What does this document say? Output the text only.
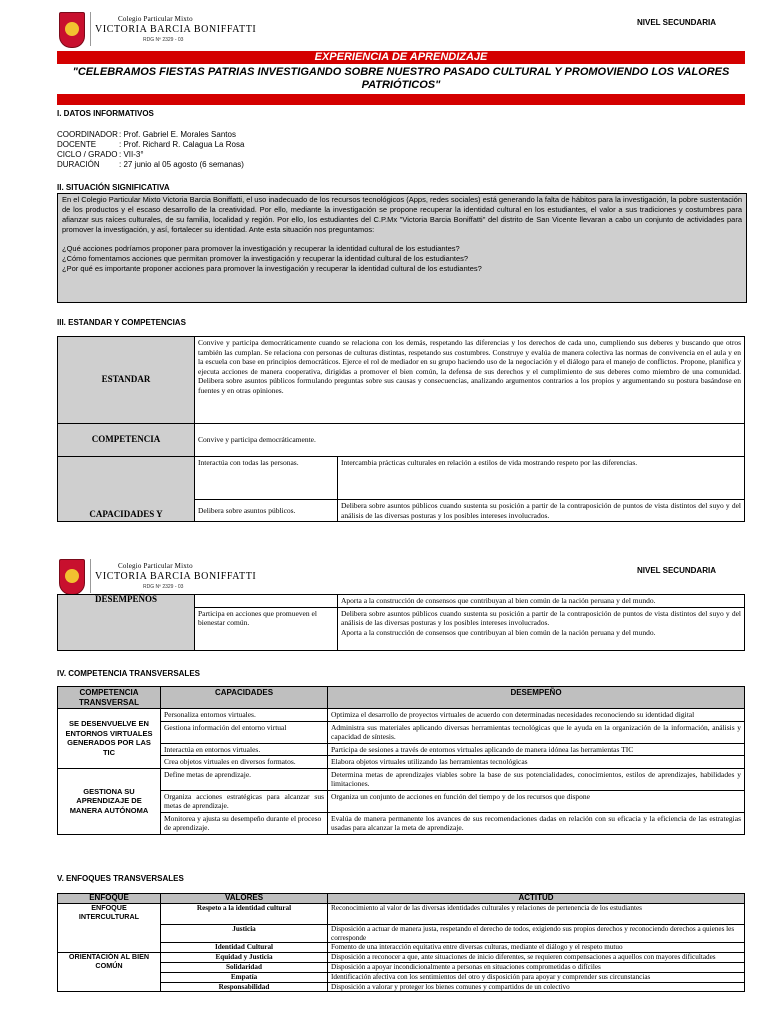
Colegio Particular Mixto
VICTORIA BARCIA BONIFFATTI
RDG Nº 2329 - 03
NIVEL SECUNDARIA
EXPERIENCIA DE APRENDIZAJE
"CELEBRAMOS FIESTAS PATRIAS INVESTIGANDO SOBRE NUESTRO PASADO CULTURAL Y PROMOVIENDO LOS VALORES PATRIÓTICOS"
I. DATOS INFORMATIVOS
COORDINADOR: Prof. Gabriel E. Morales Santos
DOCENTE	: Prof. Richard R. Calagua La Rosa
CICLO / GRADO : VII-3°
DURACIÓN : 27 junio al 05 agosto (6 semanas)
II. SITUACIÓN SIGNIFICATIVA
En el Colegio Particular Mixto Victoria Barcia Boniffatti, el uso inadecuado de los recursos tecnológicos (Apps, redes sociales) está generando la falta de hábitos para la investigación, la pobre sustentación de los productos y el escaso desarrollo de la creatividad. Por ello, mediante la investigación se propone recuperar la identidad cultural en los estudiantes, el valor a sus tradiciones y costumbres para afianzar sus raíces culturales, de su familia, localidad y región. Por ello, los estudiantes del C.P.Mx "Victoria Barcia Boniffatti" del distrito de San Vicente llevaran a cabo un conjunto de actividades para promover la investigación, y así, fortalecer su identidad. Ante esta situación nos preguntamos:
¿Qué acciones podríamos proponer para promover la investigación y recuperar la identidad cultural de los estudiantes?
¿Cómo fomentamos acciones que permitan promover la investigación y recuperar la identidad cultural de los estudiantes?
¿Por qué es importante proponer acciones para promover la investigación y recuperar la identidad cultural de los estudiantes?
III. ESTANDAR Y COMPETENCIAS
ESTANDAR	Convive y participa democráticamente cuando se relaciona con los demás, respetando las diferencias y los derechos de cada uno, cumpliendo sus deberes y buscando que otros también las cumplan. Se relaciona con personas de culturas distintas, respetando sus costumbres. Construye y evalúa de manera colectiva las normas de convivencia en el aula y en la escuela con base en principios democráticos. Ejerce el rol de mediador en su grupo haciendo uso de la negociación y el diálogo para el manejo de conflictos. Propone, planifica y ejecuta acciones de manera cooperativa, dirigidas a promover el bien común, la defensa de sus derechos y el cumplimiento de sus deberes como miembro de una comunidad. Delibera sobre asuntos públicos formulando preguntas sobre sus causas y consecuencias, analizando argumentos contrarios a los propios y argumentando su postura basándose en fuentes y en otras opiniones.	
COMPETENCIA	Convive y participa democráticamente.	
CAPACIDADES Y	Interactúa con todas las personas.	Intercambia prácticas culturales en relación a estilos de vida mostrando respeto por las diferencias.
	Delibera sobre asuntos públicos.	Delibera sobre asuntos públicos cuando sustenta su posición a partir de la contraposición de puntos de vista distintos del suyo y del análisis de las diversas posturas y los posibles intereses involucrados.
Colegio Particular Mixto
VICTORIA BARCIA BONIFFATTI
RDG Nº 2329 - 03
NIVEL SECUNDARIA
DESEMPEÑOS		Aporta a la construcción de consensos que contribuyan al bien común de la nación peruana y del mundo.
	Participa en acciones que promueven el bienestar común.	Delibera sobre asuntos públicos cuando sustenta su posición a partir de la contraposición de puntos de vista distintos del suyo y del análisis de las diversas posturas y los posibles intereses involucrados.
Aporta a la construcción de consensos que contribuyan al bien común de la nación peruana y del mundo.
IV. COMPETENCIA TRANSVERSALES
COMPETENCIA TRANSVERSAL	CAPACIDADES	DESEMPEÑO
SE DESENVUELVE EN ENTORNOS VIRTUALES GENERADOS POR LAS TIC	Personaliza entornos virtuales.	Optimiza el desarrollo de proyectos virtuales de acuerdo con determinadas necesidades reconociendo su identidad digital
	Gestiona información del entorno virtual	Administra sus materiales aplicando diversas herramientas tecnológicas que le ayuda en la organización de la información, análisis y capacidad de síntesis.
	Interactúa en entornos virtuales.	Participa de sesiones a través de entornos virtuales aplicando de manera idónea las herramientas TIC
	Crea objetos virtuales en diversos formatos.	Elabora objetos virtuales utilizando las herramientas tecnológicas
GESTIONA SU APRENDIZAJE DE MANERA AUTÓNOMA	Define metas de aprendizaje.	Determina metas de aprendizajes viables sobre la base de sus potencialidades, conocimientos, estilos de aprendizajes, habilidades y limitaciones.
	Organiza acciones estratégicas para alcanzar sus metas de aprendizaje.	Organiza un conjunto de acciones en función del tiempo y de los recursos que dispone
	Monitorea y ajusta su desempeño durante el proceso de aprendizaje.	Evalúa de manera permanente los avances de sus recomendaciones dadas en relación con su eficacia y la eficiencia de las estrategias usadas para alcanzar la meta de aprendizaje.
V. ENFOQUES TRANSVERSALES
ENFOQUE	VALORES	ACTITUD
ENFOQUE INTERCULTURAL	Respeto a la identidad cultural	Reconocimiento al valor de las diversas identidades culturales y relaciones de pertenencia de los estudiantes
	Justicia	Disposición a actuar de manera justa, respetando el derecho de todos, exigiendo sus propios derechos y reconociendo derechos a quienes les corresponde
	Identidad Cultural	Fomento de una interacción equitativa entre diversas culturas, mediante el diálogo y el respeto mutuo
ORIENTACIÓN AL BIEN COMÚN	Equidad y Justicia	Disposición a reconocer a que, ante situaciones de inicio diferentes, se requieren compensaciones a aquellos con mayores dificultades
	Solidaridad	Disposición a apoyar incondicionalmente a personas en situaciones comprometidas o difíciles
	Empatía	Identificación afectiva con los sentimientos del otro y disposición para apoyar y comprender sus circunstancias
	Responsabilidad	Disposición a valorar y proteger los bienes comunes y compartidos de un colectivo
